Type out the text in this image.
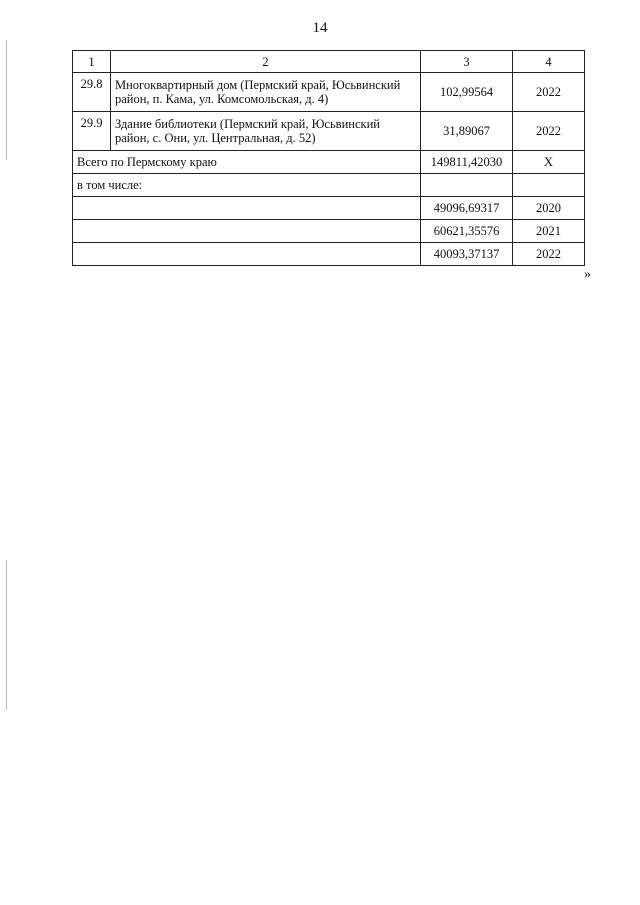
14
1	2	3	4
29.8	Многоквартирный дом (Пермский край, Юсьвинский район, п. Кама, ул. Комсомольская, д. 4)	102,99564	2022
29.9	Здание библиотеки (Пермский край, Юсьвинский район, с. Они, ул. Центральная, д. 52)	31,89067	2022
Всего по Пермскому краю		149811,42030	X
в том числе:			
		49096,69317	2020
		60621,35576	2021
		40093,37137	2022
»
